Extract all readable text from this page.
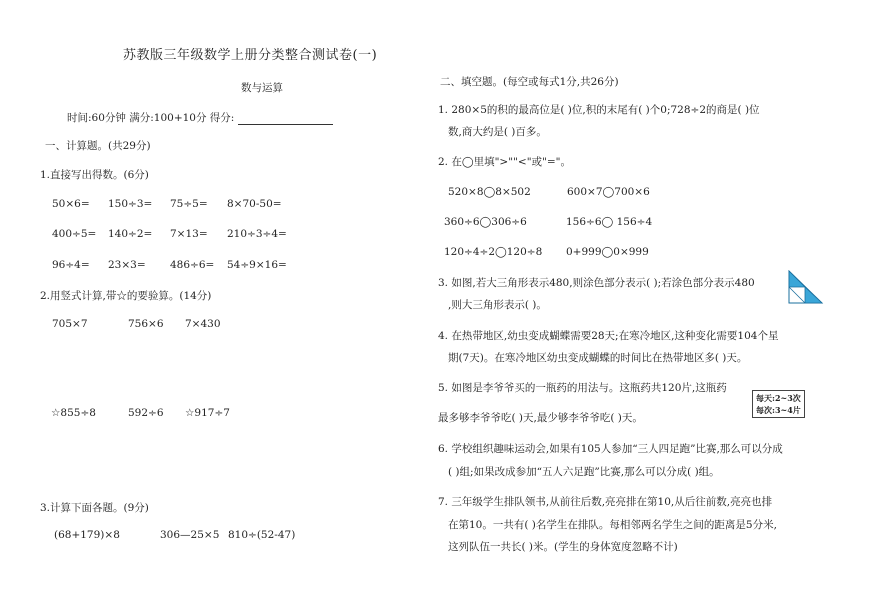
苏教版三年级数学上册分类整合测试卷(一)
数与运算
时间:60分钟 满分:100+10分 得分:
一、计算题。(共29分)
1.直接写出得数。(6分)
50×6= 150÷3= 75÷5= 8×70-50=
400÷5= 140÷2= 7×13= 210÷3÷4=
96÷4= 23×3= 486÷6= 54÷9×16=
2.用竖式计算,带☆的要验算。(14分)
705×7	756×6 7×430
☆855÷8	592÷6 ☆917÷7
3.计算下面各题。(9分)
(68+179)×8	306—25×5 810÷(52-47)
二、填空题。(每空或每式1分,共26分)
1. 280×5的积的最高位是( )位,积的末尾有( )个0;728÷2的商是( )位
数,商大约是( )百多。
2. 在◯里填">""<"或"="。
520×8◯8×502	600×7◯700×6
360÷6◯306÷6	156÷6◯ 156÷4
120÷4÷2◯120÷8 0+999◯0×999
3. 如图,若大三角形表示480,则涂色部分表示( );若涂色部分表示480
,则大三角形表示( )。
4. 在热带地区,幼虫变成蝴蝶需要28天;在寒冷地区,这种变化需要104个星
期(7天)。在寒冷地区幼虫变成蝴蝶的时间比在热带地区多( )天。
5. 如图是李爷爷买的一瓶药的用法与。这瓶药共120片,这瓶药
最多够李爷爷吃( )天,最少够李爷爷吃( )天。
每天:2~3次
每次:3~4片
6. 学校组织趣味运动会,如果有105人参加“三人四足跑”比赛,那么可以分成
( )组;如果改成参加“五人六足跑”比赛,那么可以分成( )组。
7. 三年级学生排队领书,从前往后数,亮亮排在第10,从后往前数,亮亮也排
在第10。一共有( )名学生在排队。每相邻两名学生之间的距离是5分米,
这列队伍一共长( )米。(学生的身体宽度忽略不计)
